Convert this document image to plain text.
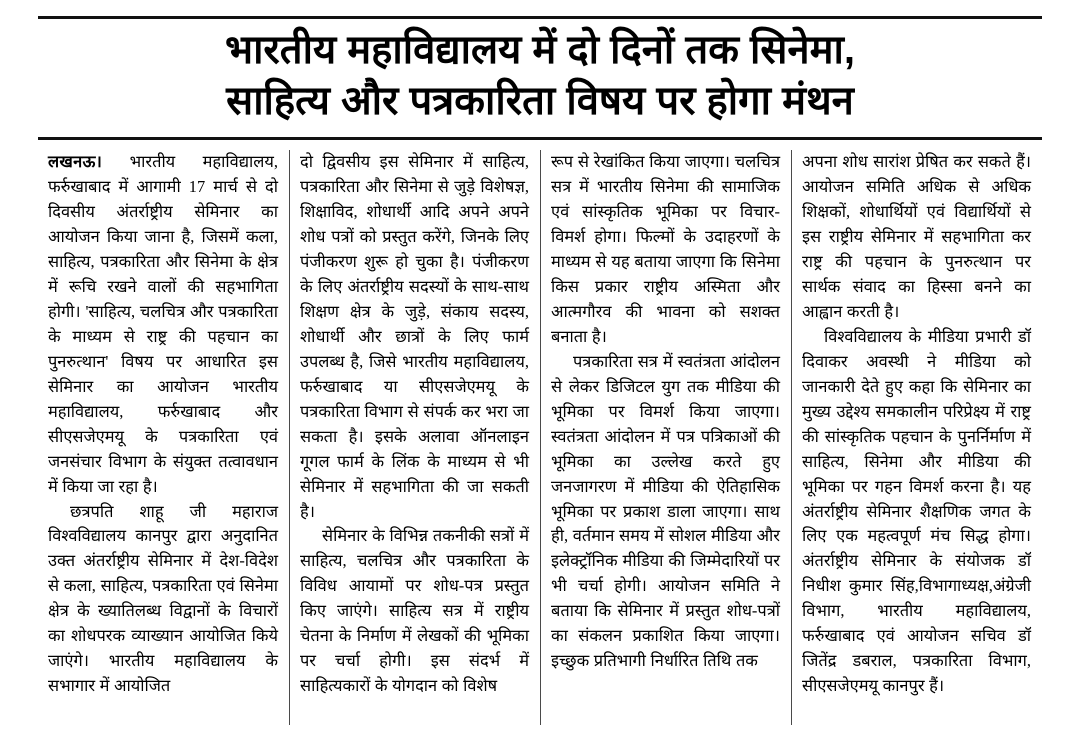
भारतीय महाविद्यालय में दो दिनों तक सिनेमा,
साहित्य और पत्रकारिता विषय पर होगा मंथन

लखनऊ। भारतीय महाविद्यालय, फर्रुखाबाद में आगामी 17 मार्च से दो दिवसीय अंतर्राष्ट्रीय सेमिनार का आयोजन किया जाना है, जिसमें कला, साहित्य, पत्रकारिता और सिनेमा के क्षेत्र में रूचि रखने वालों की सहभागिता होगी। 'साहित्य, चलचित्र और पत्रकारिता के माध्यम से राष्ट्र की पहचान का पुनरुत्थान' विषय पर आधारित इस सेमिनार का आयोजन भारतीय महाविद्यालय, फर्रुखाबाद और सीएसजेएमयू के पत्रकारिता एवं जनसंचार विभाग के संयुक्त तत्वावधान में किया जा रहा है।

छत्रपति शाहू जी महाराज विश्वविद्यालय कानपुर द्वारा अनुदानित उक्त अंतर्राष्ट्रीय सेमिनार में देश-विदेश से कला, साहित्य, पत्रकारिता एवं सिनेमा क्षेत्र के ख्यातिलब्ध विद्वानों के विचारों का शोधपरक व्याख्यान आयोजित किये जाएंगे। भारतीय महाविद्यालय के सभागार में आयोजित

दो द्विवसीय इस सेमिनार में साहित्य, पत्रकारिता और सिनेमा से जुड़े विशेषज्ञ, शिक्षाविद, शोधार्थी आदि अपने अपने शोध पत्रों को प्रस्तुत करेंगे, जिनके लिए पंजीकरण शुरू हो चुका है। पंजीकरण के लिए अंतर्राष्ट्रीय सदस्यों के साथ-साथ शिक्षण क्षेत्र के जुड़े, संकाय सदस्य, शोधार्थी और छात्रों के लिए फार्म उपलब्ध है, जिसे भारतीय महाविद्यालय, फर्रुखाबाद या सीएसजेएमयू के पत्रकारिता विभाग से संपर्क कर भरा जा सकता है। इसके अलावा ऑनलाइन गूगल फार्म के लिंक के माध्यम से भी सेमिनार में सहभागिता की जा सकती है।

सेमिनार के विभिन्न तकनीकी सत्रों में साहित्य, चलचित्र और पत्रकारिता के विविध आयामों पर शोध-पत्र प्रस्तुत किए जाएंगे। साहित्य सत्र में राष्ट्रीय चेतना के निर्माण में लेखकों की भूमिका पर चर्चा होगी। इस संदर्भ में साहित्यकारों के योगदान को विशेष

रूप से रेखांकित किया जाएगा। चलचित्र सत्र में भारतीय सिनेमा की सामाजिक एवं सांस्कृतिक भूमिका पर विचार-विमर्श होगा। फिल्मों के उदाहरणों के माध्यम से यह बताया जाएगा कि सिनेमा किस प्रकार राष्ट्रीय अस्मिता और आत्मगौरव की भावना को सशक्त बनाता है।

पत्रकारिता सत्र में स्वतंत्रता आंदोलन से लेकर डिजिटल युग तक मीडिया की भूमिका पर विमर्श किया जाएगा। स्वतंत्रता आंदोलन में पत्र पत्रिकाओं की भूमिका का उल्लेख करते हुए जनजागरण में मीडिया की ऐतिहासिक भूमिका पर प्रकाश डाला जाएगा। साथ ही, वर्तमान समय में सोशल मीडिया और इलेक्ट्रॉनिक मीडिया की जिम्मेदारियों पर भी चर्चा होगी। आयोजन समिति ने बताया कि सेमिनार में प्रस्तुत शोध-पत्रों का संकलन प्रकाशित किया जाएगा। इच्छुक प्रतिभागी निर्धारित तिथि तक

अपना शोध सारांश प्रेषित कर सकते हैं। आयोजन समिति अधिक से अधिक शिक्षकों, शोधार्थियों एवं विद्यार्थियों से इस राष्ट्रीय सेमिनार में सहभागिता कर राष्ट्र की पहचान के पुनरुत्थान पर सार्थक संवाद का हिस्सा बनने का आह्वान करती है।

विश्वविद्यालय के मीडिया प्रभारी डॉ दिवाकर अवस्थी ने मीडिया को जानकारी देते हुए कहा कि सेमिनार का मुख्य उद्देश्य समकालीन परिप्रेक्ष्य में राष्ट्र की सांस्कृतिक पहचान के पुनर्निर्माण में साहित्य, सिनेमा और मीडिया की भूमिका पर गहन विमर्श करना है। यह अंतर्राष्ट्रीय सेमिनार शैक्षणिक जगत के लिए एक महत्वपूर्ण मंच सिद्ध होगा। अंतर्राष्ट्रीय सेमिनार के संयोजक डॉ निधीश कुमार सिंह,विभागाध्यक्ष,अंग्रेजी विभाग, भारतीय महाविद्यालय, फर्रुखाबाद एवं आयोजन सचिव डॉ जितेंद्र डबराल, पत्रकारिता विभाग, सीएसजेएमयू कानपुर हैं।
